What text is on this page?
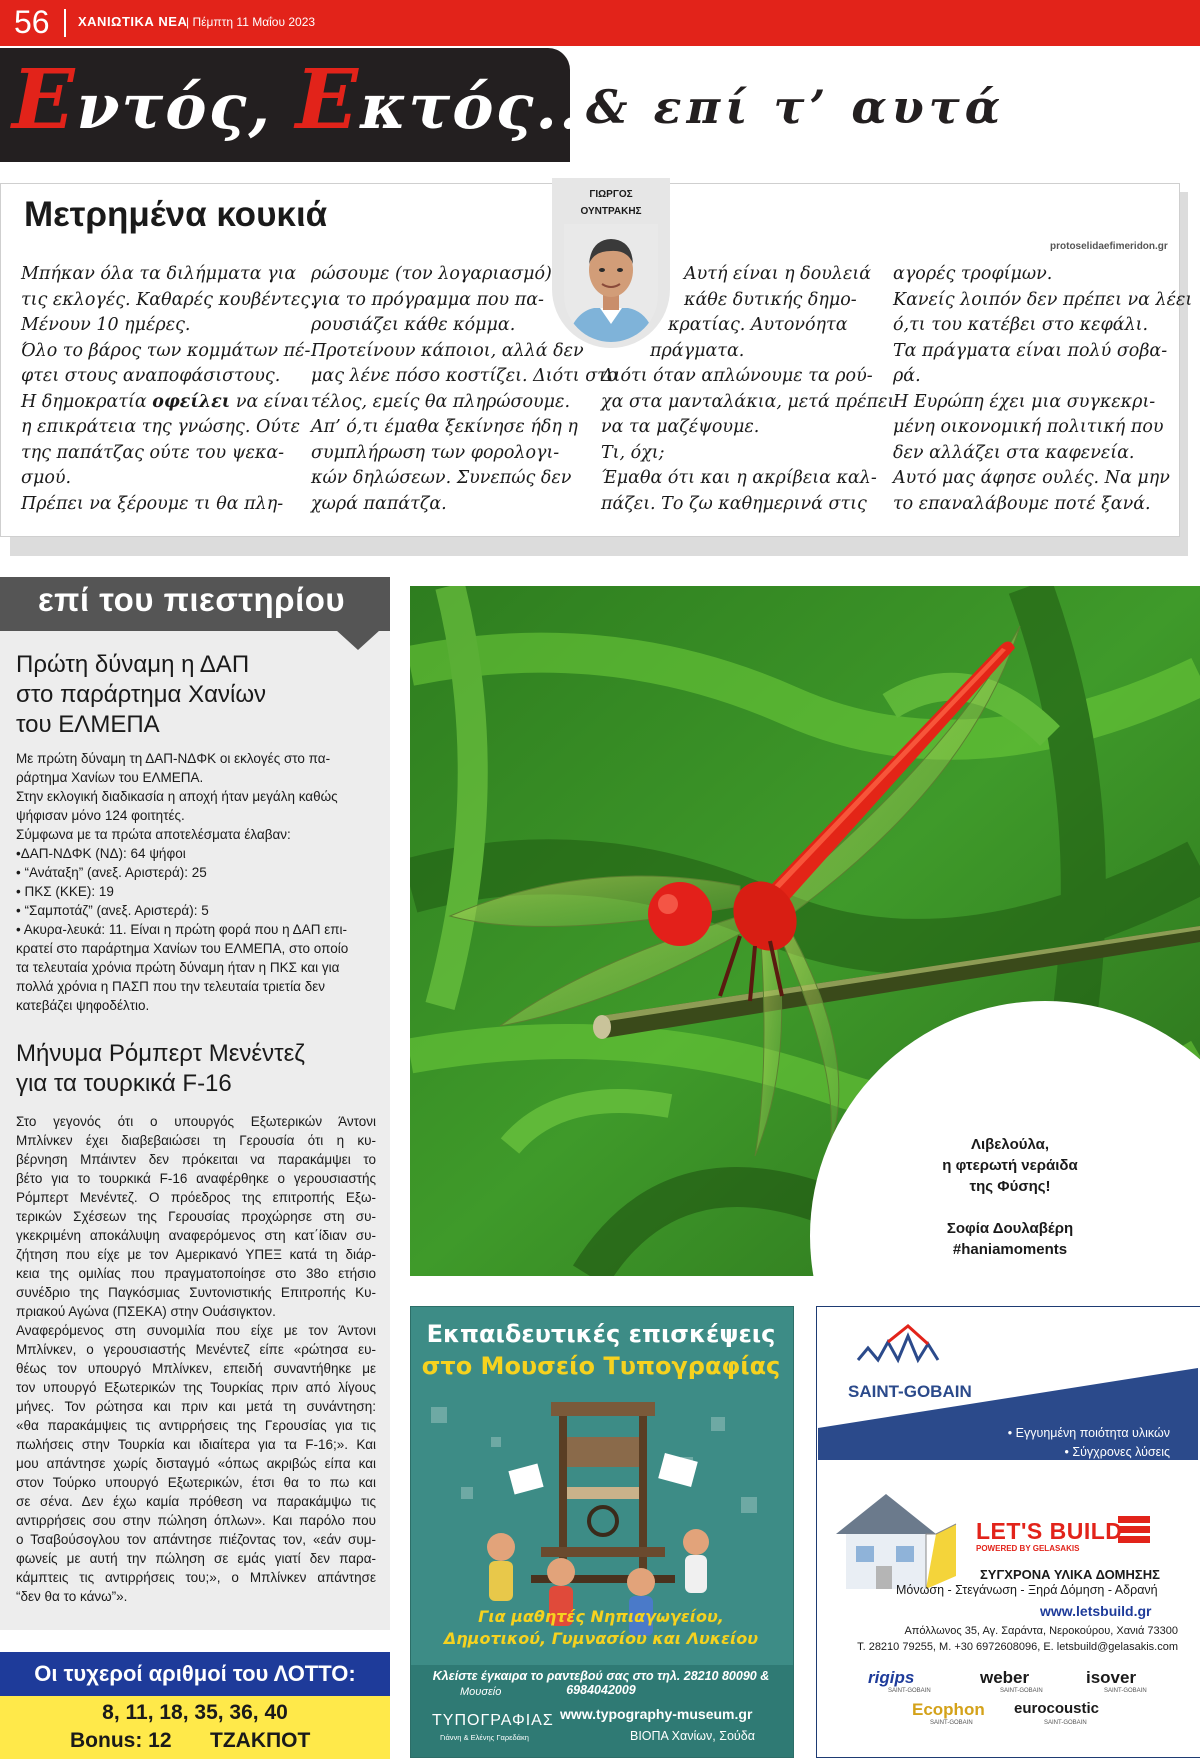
56 ΧΑΝΙΩΤΙΚΑ ΝΕΑ
| Πέμπτη 11 Μαΐου 2023
Εντός, Εκτός...
& επί τ’ αυτά
Μετρημένα κουκιά
ΓΙΩΡΓΟΣ
ΟΥΝΤΡΑΚΗΣ
protoselidaefimeridon.gr
Μπήκαν όλα τα διλήμματα για
τις εκλογές. Καθαρές κουβέντες.
Μένουν 10 ημέρες.
Όλο το βάρος των κομμάτων πέ-
φτει στους αναποφάσιστους.
Η δημοκρατία οφείλει να είναι
η επικράτεια της γνώσης. Ούτε
της παπάτζας ούτε του ψεκα-
σμού.
Πρέπει να ξέρουμε τι θα πλη-
ρώσουμε (τον λογαριασμό)
για το πρόγραμμα που πα-
ρουσιάζει κάθε κόμμα.
Προτείνουν κάποιοι, αλλά δεν
μας λένε πόσο κοστίζει. Διότι στο
τέλος, εμείς θα πληρώσουμε.
Απ’ ό,τι έμαθα ξεκίνησε ήδη η
συμπλήρωση των φορολογι-
κών δηλώσεων. Συνεπώς δεν
χωρά παπάτζα.
Αυτή είναι η δουλειά
κάθε δυτικής δημο-
κρατίας. Αυτονόητα
πράγματα.
Διότι όταν απλώνουμε τα ρού-
χα στα μανταλάκια, μετά πρέπει
να τα μαζέψουμε.
Τι, όχι;
Έμαθα ότι και η ακρίβεια καλ-
πάζει. Το ζω καθημερινά στις
αγορές τροφίμων.
Κανείς λοιπόν δεν πρέπει να λέει
ό,τι του κατέβει στο κεφάλι.
Τα πράγματα είναι πολύ σοβα-
ρά.
Η Ευρώπη έχει μια συγκεκρι-
μένη οικονομική πολιτική που
δεν αλλάζει στα καφενεία.
Αυτό μας άφησε ουλές. Να μην
το επαναλάβουμε ποτέ ξανά.
επί του πιεστηρίου
Πρώτη δύναμη η ΔΑΠ
στο παράρτημα Χανίων
του ΕΛΜΕΠΑ
Με πρώτη δύναμη τη ΔΑΠ-ΝΔΦΚ οι εκλογές στο πα-
ράρτημα Χανίων του ΕΛΜΕΠΑ.
Στην εκλογική διαδικασία η αποχή ήταν μεγάλη καθώς
ψήφισαν μόνο 124 φοιτητές.
Σύμφωνα με τα πρώτα αποτελέσματα έλαβαν:
•ΔΑΠ-ΝΔΦΚ (ΝΔ): 64 ψήφοι
• “Ανάταξη” (ανεξ. Αριστερά): 25
• ΠΚΣ (ΚΚΕ): 19
• “Σαμποτάζ” (ανεξ. Αριστερά): 5
• Ακυρα-λευκά: 11. Είναι η πρώτη φορά που η ΔΑΠ επι-
κρατεί στο παράρτημα Χανίων του ΕΛΜΕΠΑ, στο οποίο
τα τελευταία χρόνια πρώτη δύναμη ήταν η ΠΚΣ και για
πολλά χρόνια η ΠΑΣΠ που την τελευταία τριετία δεν
κατεβάζει ψηφοδέλτιο.
Μήνυμα Ρόμπερτ Μενέντεζ
για τα τουρκικά F-16
Στο γεγονός ότι ο υπουργός Εξωτερικών Άντονι
Μπλίνκεν έχει διαβεβαιώσει τη Γερουσία ότι η κυ-
βέρνηση Μπάιντεν δεν πρόκειται να παρακάμψει το
βέτο για το τουρκικά F-16 αναφέρθηκε ο γερουσιαστής
Ρόμπερτ Μενέντεζ. Ο πρόεδρος της επιτροπής Εξω-
τερικών Σχέσεων της Γερουσίας προχώρησε στη συ-
γκεκριμένη αποκάλυψη αναφερόμενος στη κατ΄ίδιαν συ-
ζήτηση που είχε με τον Αμερικανό ΥΠΕΞ κατά τη διάρ-
κεια της ομιλίας που πραγματοποίησε στο 38ο ετήσιο
συνέδριο της Παγκόσμιας Συντονιστικής Επιτροπής Κυ-
πριακού Αγώνα (ΠΣΕΚΑ) στην Ουάσιγκτον.
Αναφερόμενος στη συνομιλία που είχε με τον Άντονι
Μπλίνκεν, ο γερουσιαστής Μενέντεζ είπε «ρώτησα ευ-
θέως τον υπουργό Μπλίνκεν, επειδή συναντήθηκε με
τον υπουργό Εξωτερικών της Τουρκίας πριν από λίγους
μήνες. Τον ρώτησα και πριν και μετά τη συνάντηση:
«θα παρακάμψεις τις αντιρρήσεις της Γερουσίας για τις
πωλήσεις στην Τουρκία και ιδιαίτερα για τα F-16;». Και
μου απάντησε χωρίς δισταγμό «όπως ακριβώς είπα και
στον Τούρκο υπουργό Εξωτερικών, έτσι θα το πω και
σε σένα. Δεν έχω καμία πρόθεση να παρακάμψω τις
αντιρρήσεις σου στην πώληση όπλων». Και παρόλο που
ο Τσαβούσογλου τον απάντησε πιέζοντας τον, «εάν συμ-
φωνείς με αυτή την πώληση σε εμάς γιατί δεν παρα-
κάμπτεις τις αντιρρήσεις του;», ο Μπλίνκεν απάντησε
“δεν θα το κάνω”».
Οι τυχεροί αριθμοί του ΛΟΤΤΟ:
8, 11, 18, 35, 36, 40
Bonus: 12 ΤΖΑΚΠΟΤ
Λιβελούλα,
η φτερωτή νεράιδα
της Φύσης!
Σοφία Δουλαβέρη
#haniamoments
Εκπαιδευτικές επισκέψεις
στο Μουσείο Τυπογραφίας
Για μαθητές Νηπιαγωγείου,
Δημοτικού, Γυμνασίου και Λυκείου
Κλείστε έγκαιρα το ραντεβού σας στο τηλ. 28210 80090 & 6984042009
Μουσείο
ΤΥΠΟΓΡΑΦΙΑΣ
Γιάννη & Ελένης Γαρεδάκη
www.typography-museum.gr
ΒΙΟΠΑ Χανίων, Σούδα
SAINT-GOBAIN
• Εγγυημένη ποιότητα υλικών
• Σύγχρονες λύσεις
• Αισθητικό αποτέλεσμα
• Ευέλικτες λύσεις χρηματοδότησης
LET'S BUILD
POWERED BY GELASAKIS
ΣΥΓΧΡΟΝΑ ΥΛΙΚΑ ΔΟΜΗΣΗΣ
Μόνωση - Στεγάνωση - Ξηρά Δόμηση - Αδρανή
www.letsbuild.gr
Απόλλωνος 35, Αγ. Σαράντα, Νεροκούρου, Χανιά 73300
Τ. 28210 79255, Μ. +30 6972608096, Ε. letsbuild@gelasakis.com
rigips
SAINT-GOBAIN
weber
SAINT-GOBAIN
isover
SAINT-GOBAIN
Ecophon
SAINT-GOBAIN
eurocoustic
SAINT-GOBAIN
